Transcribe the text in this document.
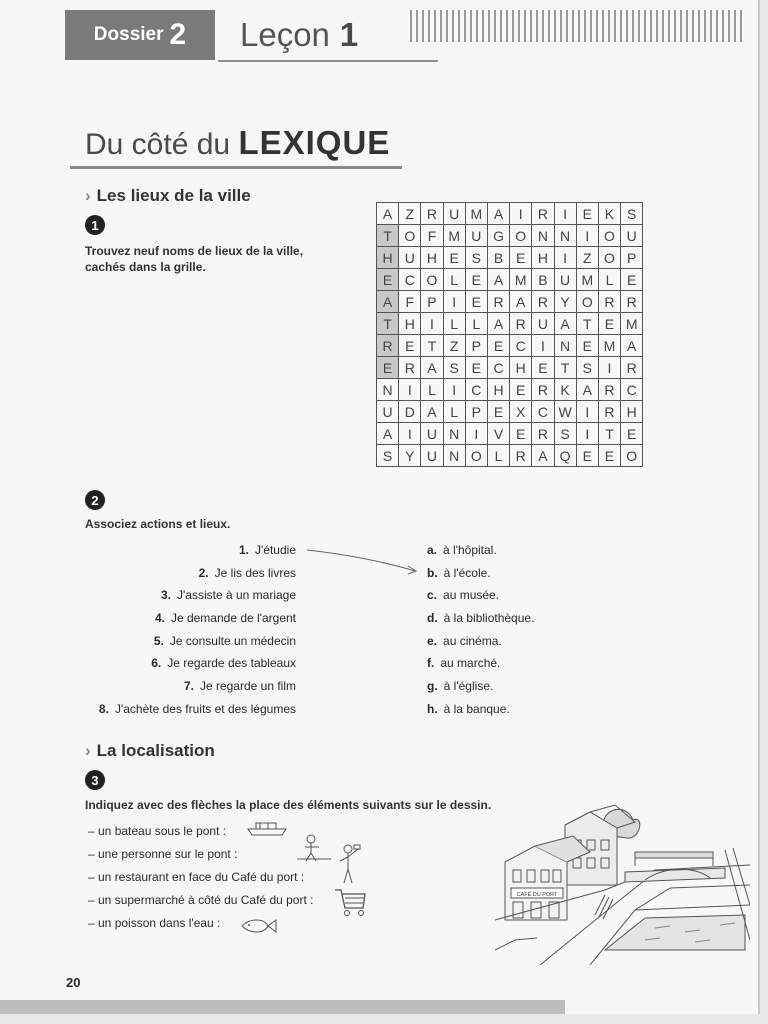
Dossier 2 Leçon 1
Du côté du LEXIQUE
› Les lieux de la ville
1
Trouvez neuf noms de lieux de la ville,
cachés dans la grille.
A	Z	R	U	M	A	I	R	I	E	K	S
T	O	F	M	U	G	O	N	N	I	O	U
H	U	H	E	S	B	E	H	I	Z	O	P
E	C	O	L	E	A	M	B	U	M	L	E
A	F	P	I	E	R	A	R	Y	O	R	R
T	H	I	L	L	A	R	U	A	T	E	M
R	E	T	Z	P	E	C	I	N	E	M	A
E	R	A	S	E	C	H	E	T	S	I	R
N	I	L	I	C	H	E	R	K	A	R	C
U	D	A	L	P	E	X	C	W	I	R	H
A	I	U	N	I	V	E	R	S	I	T	E
S	Y	U	N	O	L	R	A	Q	E	E	O
2
Associez actions et lieux.
1. J'étudie
2. Je lis des livres
3. J'assiste à un mariage
4. Je demande de l'argent
5. Je consulte un médecin
6. Je regarde des tableaux
7. Je regarde un film
8. J'achète des fruits et des légumes
a. à l'hôpital.
b. à l'école.
c. au musée.
d. à la bibliothèque.
e. au cinéma.
f. au marché.
g. à l'église.
h. à la banque.
› La localisation
3
Indiquez avec des flèches la place des éléments suivants sur le dessin.
– un bateau sous le pont :
– une personne sur le pont :
– un restaurant en face du Café du port :
– un supermarché à côté du Café du port :
– un poisson dans l'eau :
CAFÉ DU PORT
20
